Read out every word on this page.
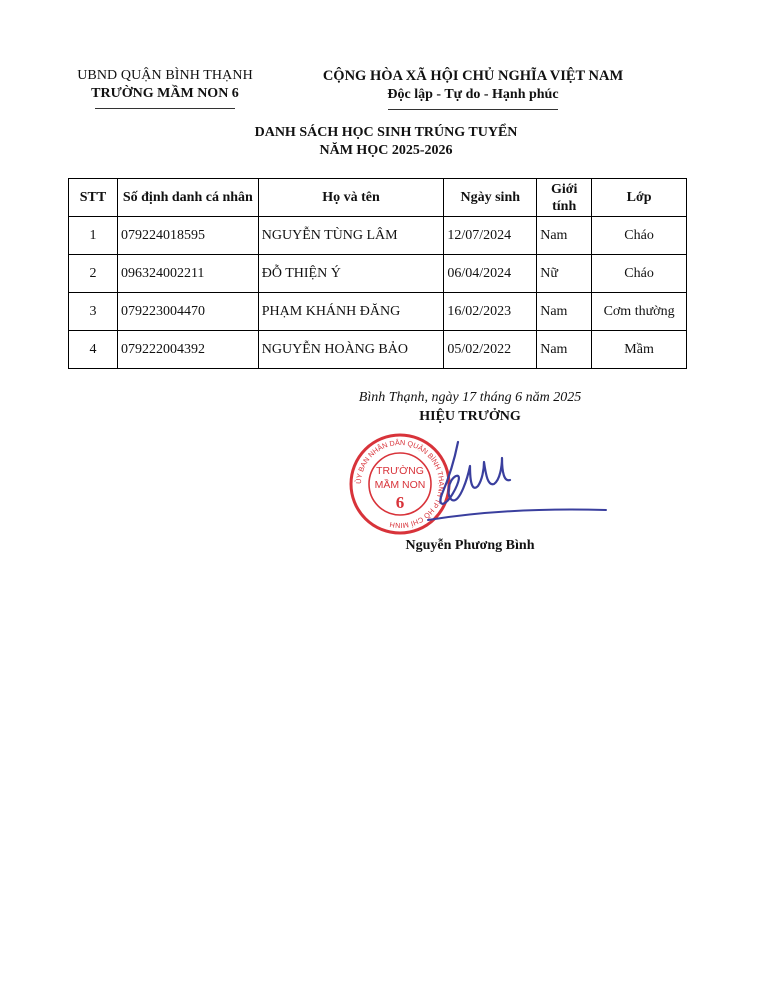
UBND QUẬN BÌNH THẠNH
TRƯỜNG MẦM NON 6
CỘNG HÒA XÃ HỘI CHỦ NGHĨA VIỆT NAM
Độc lập - Tự do - Hạnh phúc
DANH SÁCH HỌC SINH TRÚNG TUYỂN
NĂM HỌC 2025-2026
STT	Số định danh cá nhân	Họ và tên	Ngày sinh	Giới tính	Lớp
1	079224018595	NGUYỄN TÙNG LÂM	12/07/2024	Nam	Cháo
2	096324002211	ĐỖ THIỆN Ý	06/04/2024	Nữ	Cháo
3	079223004470	PHẠM KHÁNH ĐĂNG	16/02/2023	Nam	Cơm thường
4	079222004392	NGUYỄN HOÀNG BẢO	05/02/2022	Nam	Mầm
Bình Thạnh, ngày 17 tháng 6 năm 2025
HIỆU TRƯỞNG
ỦY BAN NHÂN DÂN QUẬN BÌNH THẠNH TP HỒ CHÍ MINH
TRƯỜNG
MẦM NON
6
Nguyễn Phương Bình
